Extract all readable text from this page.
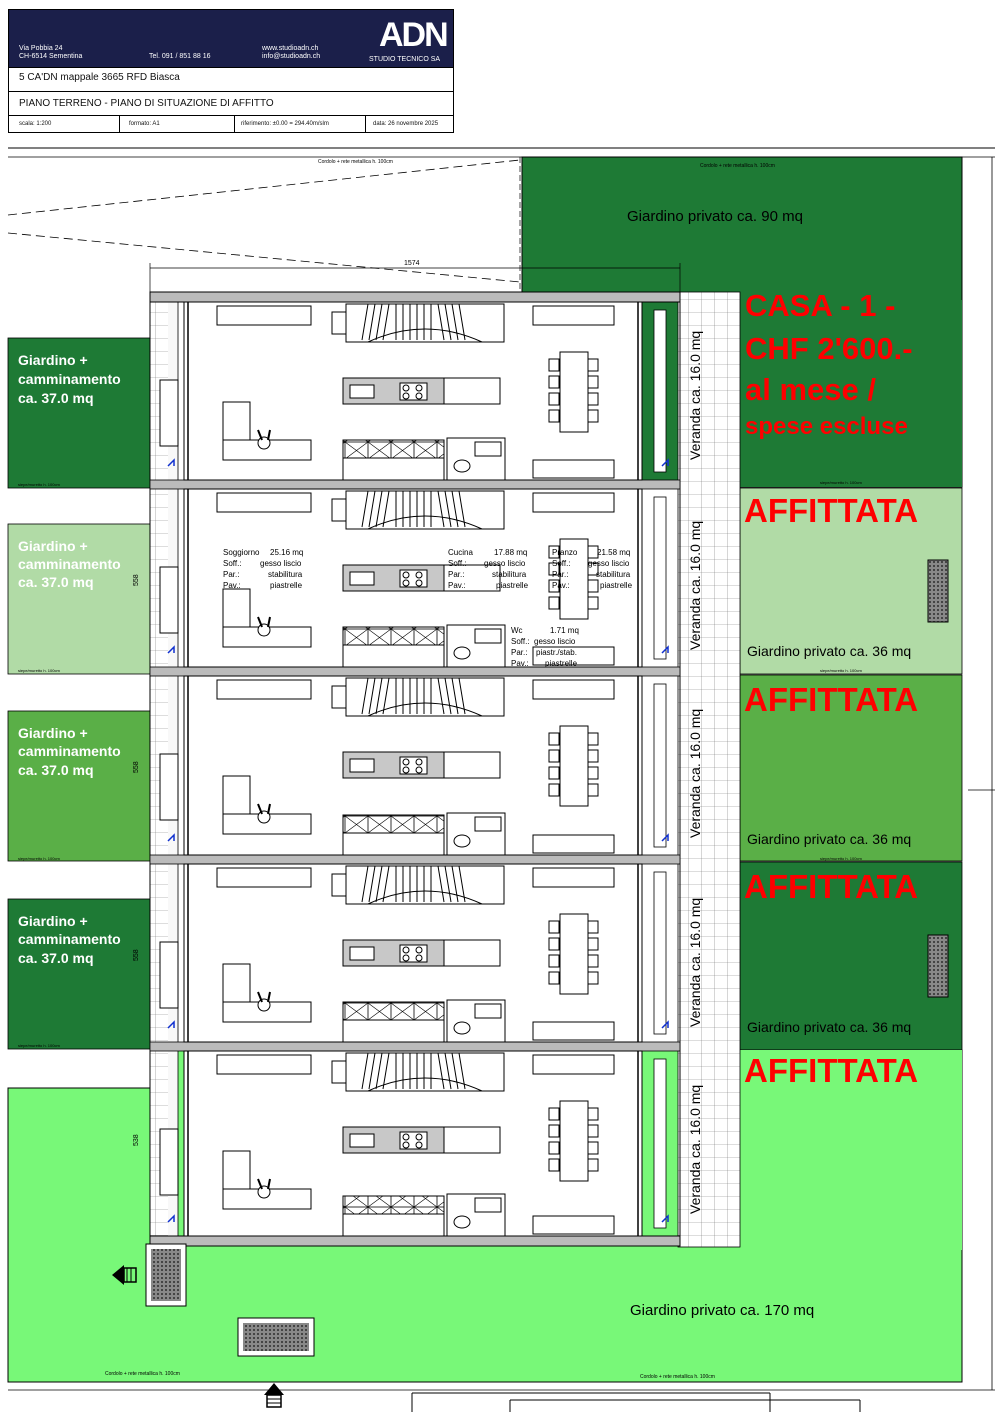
Via Pobbia 24
CH-6514 Sementina	Tel. 091 / 851 88 16
www.studioadn.ch
info@studioadn.ch
ADN
STUDIO TECNICO SA
5 CA'DN mappale 3665 RFD Biasca
PIANO TERRENO - PIANO DI SITUAZIONE DI AFFITTO
scala: 1:200	formato: A1	riferimento: ±0.00 = 294.40m/slm	data: 26 novembre 2025
1574
558
558
558
538
Cordolo + rete metallica h. 100cm
Cordolo + rete metallica h. 100cm
Cordolo + rete metallica h. 100cm	Cordolo + rete metallica h. 100cm
siepe/muretto h. 100cm
siepe/muretto h. 100cm
siepe/muretto h. 100cm
siepe/muretto h. 100cm
siepe/muretto h. 100cm
siepe/muretto h. 100cm
siepe/muretto h. 100cm
Giardino privato ca. 90 mq
Giardino +
camminamento
ca. 37.0 mq
Giardino +
camminamento
ca. 37.0 mq
Giardino +
camminamento
ca. 37.0 mq
Giardino +
camminamento
ca. 37.0 mq
Giardino privato ca. 36 mq
Giardino privato ca. 36 mq
Giardino privato ca. 36 mq
Giardino privato ca. 170 mq
Veranda ca. 16.0 mq
Veranda ca. 16.0 mq
Veranda ca. 16.0 mq
Veranda ca. 16.0 mq
Veranda ca. 16.0 mq
CASA - 1 -
CHF 2'600.-
al mese /
spese escluse
AFFITTATA
AFFITTATA
AFFITTATA
AFFITTATA
Soggiorno 25.16 mq
Soff.: gesso liscio
Par.:	stabilitura
Pav.:	piastrelle
Cucina	17.88 mq
Soff.: gesso liscio
Par.:	stabilitura
Pav.:	piastrelle
Pranzo 21.58 mq
Soff.: gesso liscio
Par.:	stabilitura
Pav.:	piastrelle
Wc	1.71 mq
Soff.: gesso liscio
Par.: piastr./stab.
Pav.: piastrelle
